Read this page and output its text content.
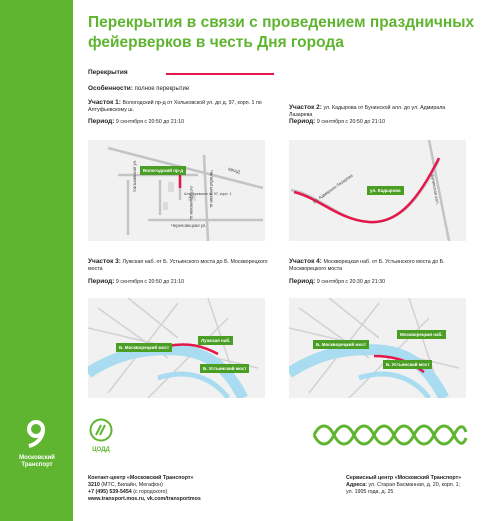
Московский
Транспорт
Перекрытия в связи с проведением праздничных фейерверков в честь Дня города
Перекрытия
Особенности: полное перекрытие
Участок 1: Вологодский пр-д от Хольковской ул. до д. 97, корп. 1 по Алтуфьевскому ш.
Период: 9 сентября с 20:50 до 21:10
Вологодский пр-д	МКАД
Алтуфьевское ш.
Хольковская ул.	Челобитьевское ш.
Череповецкая ул.
Алтуфьевское ш. 97, корп. 1
Участок 2: ул. Кадырова от Бунинской алл. до ул. Адмирала Лазарева
Период: 9 сентября с 20:50 до 21:10
ул. Кадырова
ул. Адмирала Лазарева	Бунинская алл.
Участок 3: Лужская наб. от Б. Устьинского моста до Б. Москворецкого моста
Период: 9 сентября с 20:50 до 21:10
Лужская наб.
Б. Москворецкий мост
Б. Устьинский мост
Участок 4: Москворецкая наб. от Б. Устьинского моста до Б. Москворецкого моста
Период: 9 сентября с 20:30 до 21:30
Москворецкая наб.
Б. Москворецкий мост
Б. Устьинский мост
ЦОДД
Контакт-центр «Московский Транспорт»
3210 (МТС, Билайн, Мегафон)
+7 (495) 539-5454 (с городского)
www.transport.mos.ru, vk.com/transportmos
Сервисный центр «Московский Транспорт»
Адреса: ул. Старая Басманная, д. 20, корп. 1;
ул. 1905 года, д. 25
